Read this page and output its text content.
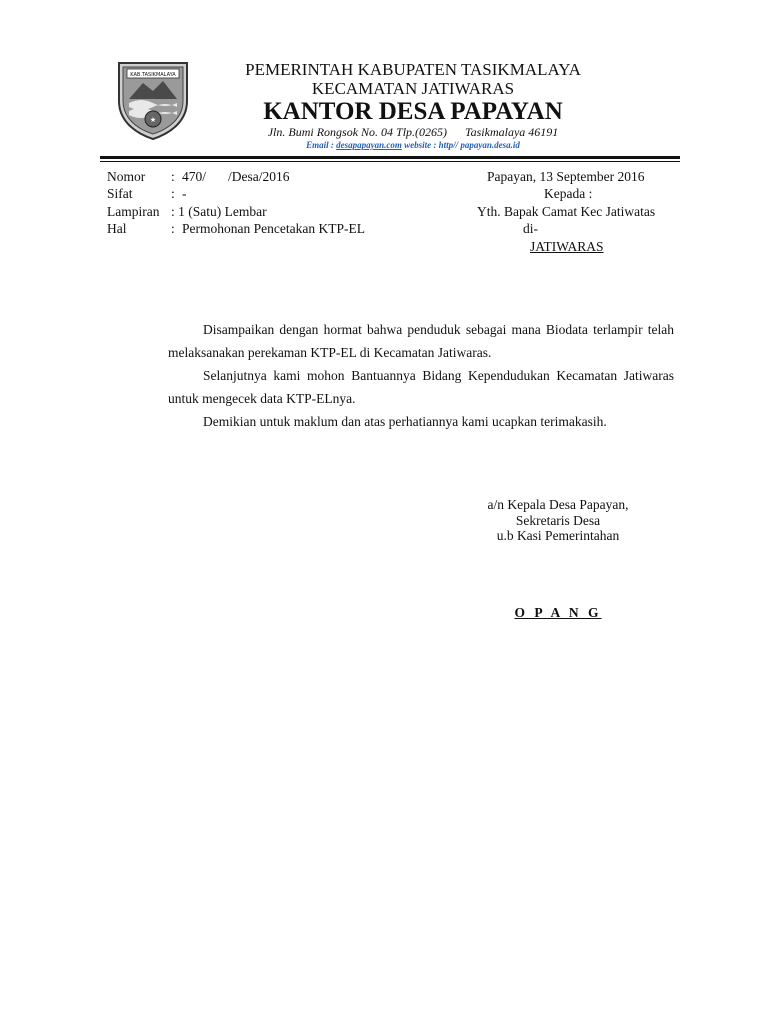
KAB.TASIKMALAYA
★
PEMERINTAH KABUPATEN TASIKMALAYA
KECAMATAN JATIWARAS
KANTOR DESA PAPAYAN
Jln. Bumi Rongsok No. 04 Tlp.(0265) Tasikmalaya 46191
Email : desapapayan.com website : http// papayan.desa.id
Nomor : 470/ /Desa/2016
Sifat	: -
Lampiran : 1 (Satu) Lembar
Hal	: Permohonan Pencetakan KTP-EL
Papayan, 13 September 2016
Kepada :
Yth. Bapak Camat Kec Jatiwatas
di-
JATIWARAS

Disampaikan dengan hormat bahwa penduduk sebagai mana Biodata terlampir telah melaksanakan perekaman KTP-EL di Kecamatan Jatiwaras.

Selanjutnya kami mohon Bantuannya Bidang Kependudukan Kecamatan Jatiwaras untuk mengecek data KTP-ELnya.

Demikian untuk maklum dan atas perhatiannya kami ucapkan terimakasih.

a/n Kepala Desa Papayan,
Sekretaris Desa
u.b Kasi Pemerintahan
O P A N G
